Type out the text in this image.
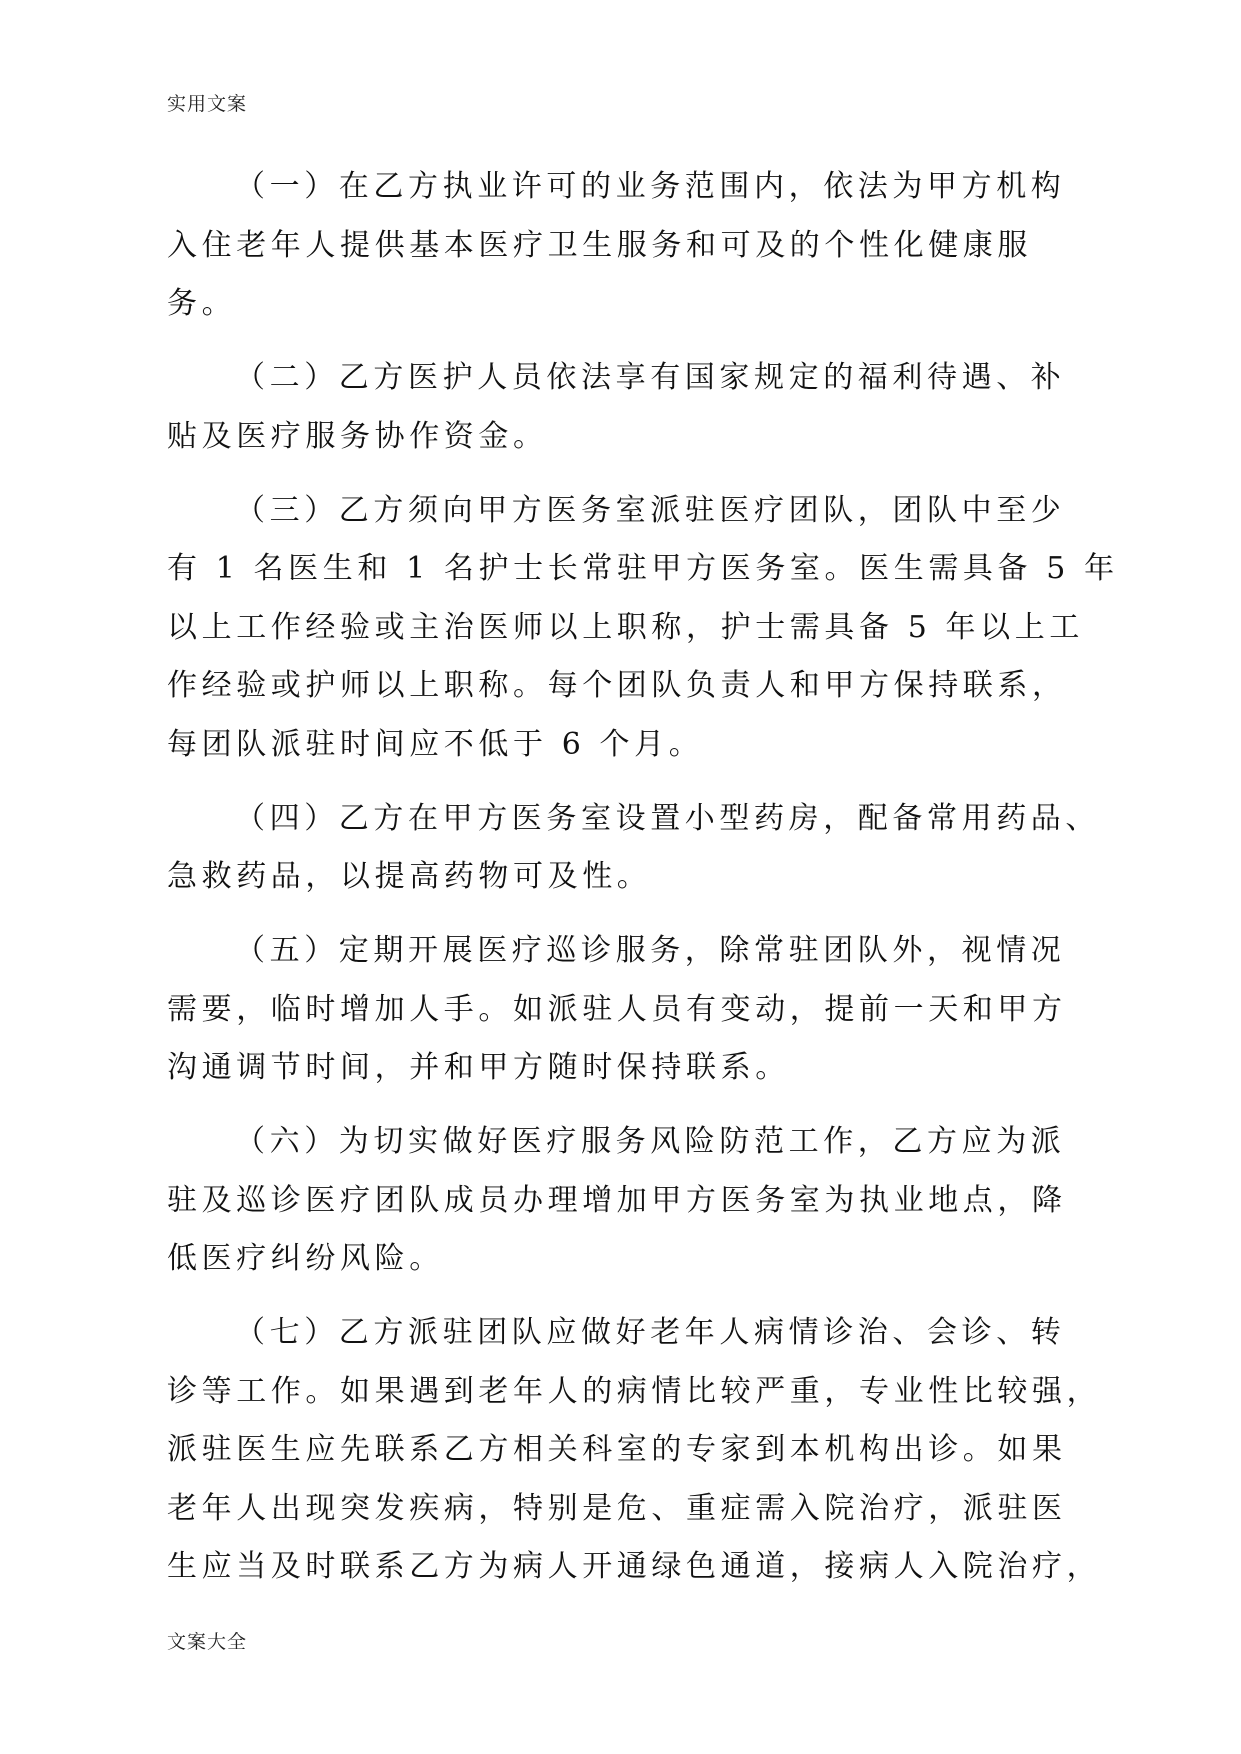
实用文案
（一）在乙方执业许可的业务范围内，依法为甲方机构
入住老年人提供基本医疗卫生服务和可及的个性化健康服
务。
（二）乙方医护人员依法享有国家规定的福利待遇、补
贴及医疗服务协作资金。
（三）乙方须向甲方医务室派驻医疗团队，团队中至少
有 1 名医生和 1 名护士长常驻甲方医务室。医生需具备 5 年
以上工作经验或主治医师以上职称，护士需具备 5 年以上工
作经验或护师以上职称。每个团队负责人和甲方保持联系，
每团队派驻时间应不低于 6 个月。
（四）乙方在甲方医务室设置小型药房，配备常用药品、
急救药品，以提高药物可及性。
（五）定期开展医疗巡诊服务，除常驻团队外，视情况
需要，临时增加人手。如派驻人员有变动，提前一天和甲方
沟通调节时间，并和甲方随时保持联系。
（六）为切实做好医疗服务风险防范工作，乙方应为派
驻及巡诊医疗团队成员办理增加甲方医务室为执业地点，降
低医疗纠纷风险。
（七）乙方派驻团队应做好老年人病情诊治、会诊、转
诊等工作。如果遇到老年人的病情比较严重，专业性比较强，
派驻医生应先联系乙方相关科室的专家到本机构出诊。如果
老年人出现突发疾病，特别是危、重症需入院治疗，派驻医
生应当及时联系乙方为病人开通绿色通道，接病人入院治疗，
文案大全
